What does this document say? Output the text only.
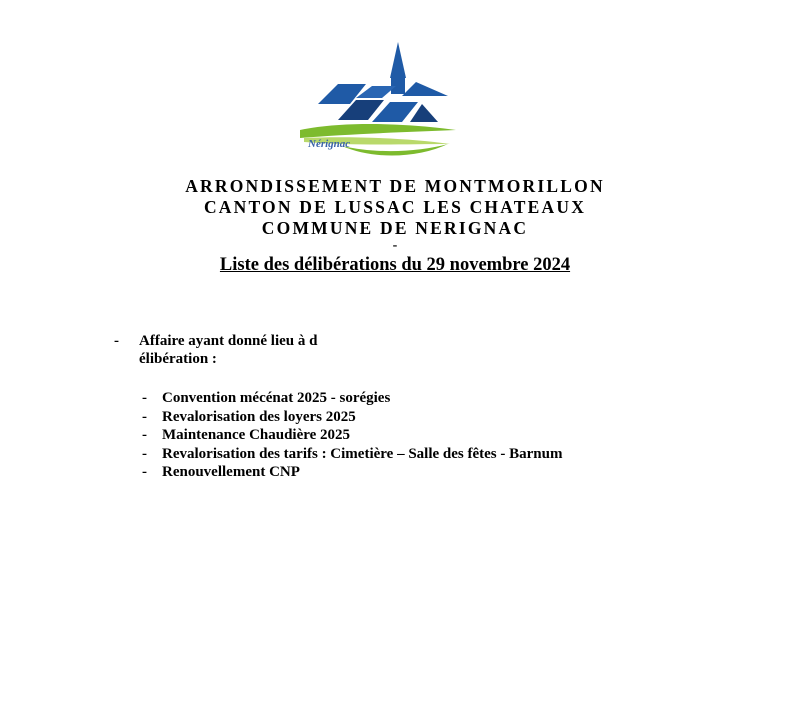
Nérignac

ARRONDISSEMENT DE MONTMORILLON

CANTON DE LUSSAC LES CHATEAUX

COMMUNE DE NERIGNAC

-

Liste des délibérations du 29 novembre 2024

- Affaire ayant donné lieu à d élibération :
- Convention mécénat 2025 - sorégies
- Revalorisation des loyers 2025
- Maintenance Chaudière 2025
- Revalorisation des tarifs : Cimetière – Salle des fêtes - Barnum
- Renouvellement CNP
